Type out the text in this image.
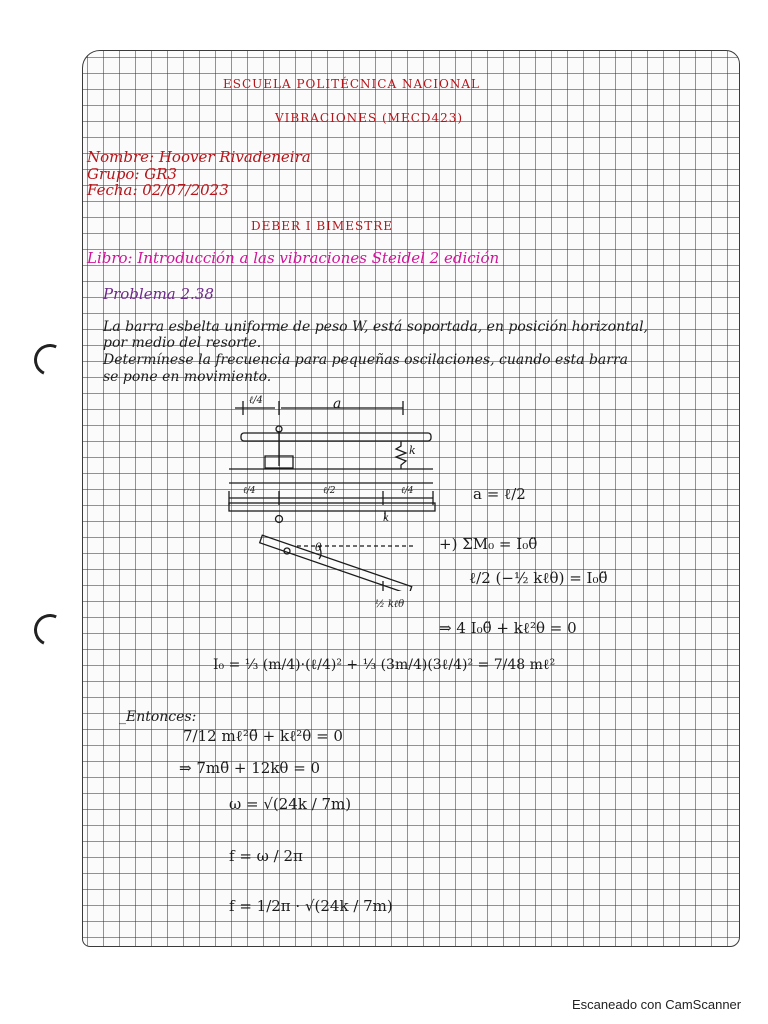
ESCUELA POLITÉCNICA NACIONAL
VIBRACIONES (MECD423)
Nombre: Hoover Rivadeneira
Grupo: GR3
Fecha: 02/07/2023
DEBER I BIMESTRE
Libro: Introducción a las vibraciones Steidel 2 edición
Problema 2.38
La barra esbelta uniforme de peso W, está soportada, en posición horizontal,
por medio del resorte.
Determínese la frecuencia para pequeñas oscilaciones, cuando esta barra
se pone en movimiento.
ℓ/4	a
k
ℓ/4	ℓ/2	ℓ/4
k
a = ℓ/2
θ
½ kℓθ
+) ΣM₀ = I₀θ̈
ℓ/2 (−½ kℓθ) = I₀θ̈
⇒ 4 I₀θ̈ + kℓ²θ = 0
I₀ = ⅓ (m/4)·(ℓ/4)² + ⅓ (3m/4)(3ℓ/4)² = 7/48 mℓ²
_Entonces:
7/12 mℓ²θ̈ + kℓ²θ = 0
⇒ 7mθ̈ + 12kθ = 0
ω = √(24k / 7m)
f = ω / 2π
f = 1/2π · √(24k / 7m)
Escaneado con CamScanner
